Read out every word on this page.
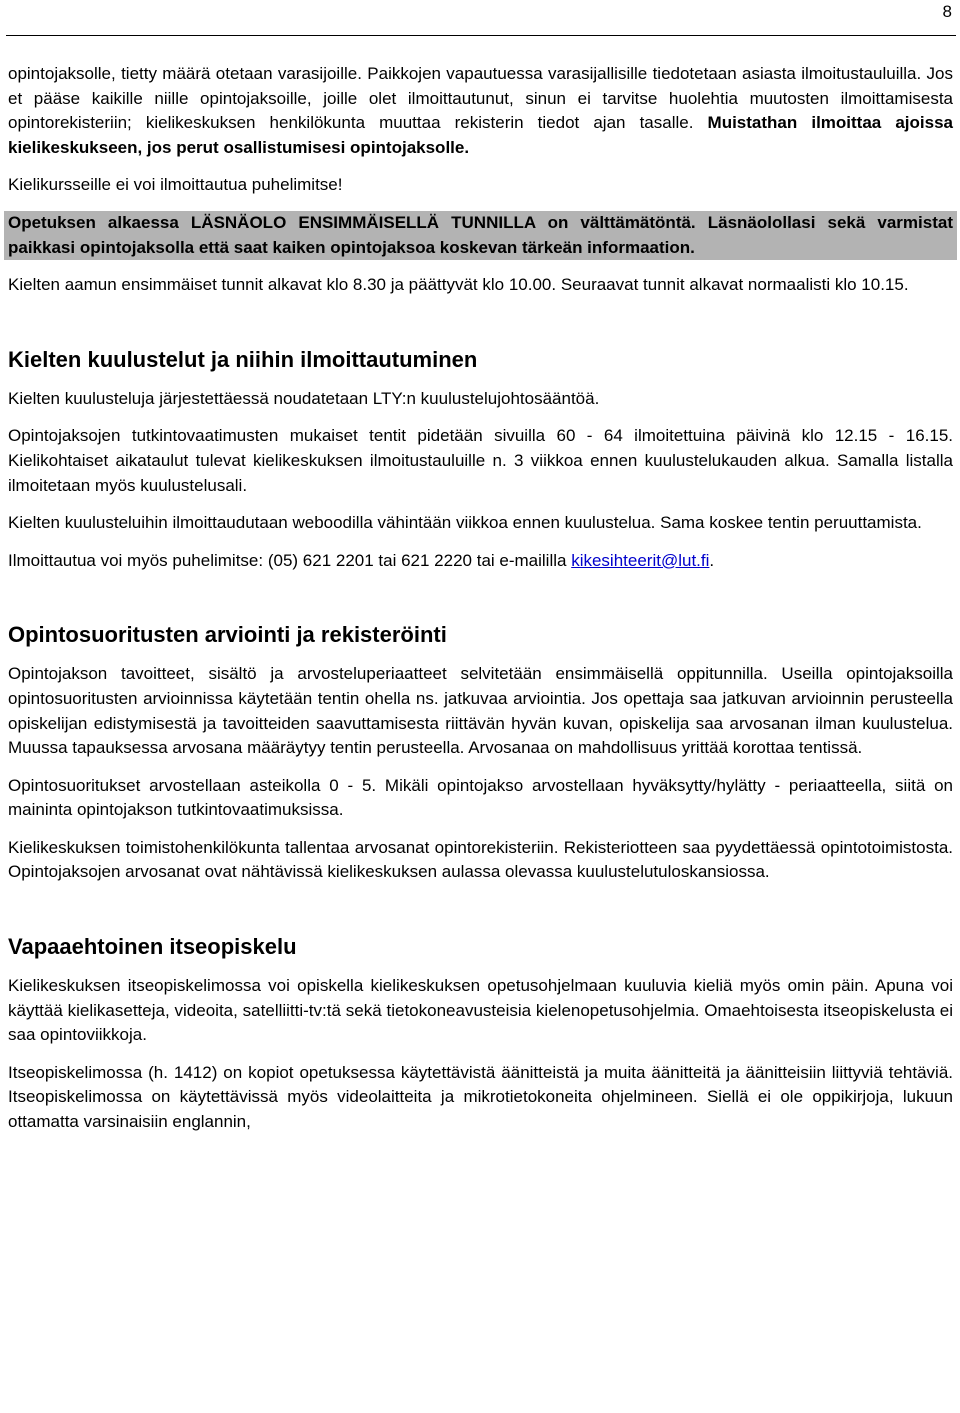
8

opintojaksolle, tietty määrä otetaan varasijoille. Paikkojen vapautuessa varasijallisille tiedotetaan asiasta ilmoitustauluilla. Jos et pääse kaikille niille opintojaksoille, joille olet ilmoittautunut, sinun ei tarvitse huolehtia muutosten ilmoittamisesta opintorekisteriin; kielikeskuksen henkilökunta muuttaa rekisterin tiedot ajan tasalle. Muistathan ilmoittaa ajoissa kielikeskukseen, jos perut osallistumisesi opintojaksolle.

Kielikursseille ei voi ilmoittautua puhelimitse!

Opetuksen alkaessa LÄSNÄOLO ENSIMMÄISELLÄ TUNNILLA on välttämätöntä. Läsnäolollasi sekä varmistat paikkasi opintojaksolla että saat kaiken opintojaksoa koskevan tärkeän informaation.

Kielten aamun ensimmäiset tunnit alkavat klo 8.30 ja päättyvät klo 10.00. Seuraavat tunnit alkavat normaalisti klo 10.15.

Kielten kuulustelut ja niihin ilmoittautuminen

Kielten kuulusteluja järjestettäessä noudatetaan LTY:n kuulustelujohtosääntöä.

Opintojaksojen tutkintovaatimusten mukaiset tentit pidetään sivuilla 60 - 64 ilmoitettuina päivinä klo 12.15 - 16.15. Kielikohtaiset aikataulut tulevat kielikeskuksen ilmoitustauluille n. 3 viikkoa ennen kuulustelukauden alkua. Samalla listalla ilmoitetaan myös kuulustelusali.

Kielten kuulusteluihin ilmoittaudutaan weboodilla vähintään viikkoa ennen kuulustelua. Sama koskee tentin peruuttamista.

Ilmoittautua voi myös puhelimitse: (05) 621 2201 tai 621 2220 tai e-maililla kikesihteerit@lut.fi.

Opintosuoritusten arviointi ja rekisteröinti

Opintojakson tavoitteet, sisältö ja arvosteluperiaatteet selvitetään ensimmäisellä oppitunnilla. Useilla opintojaksoilla opintosuoritusten arvioinnissa käytetään tentin ohella ns. jatkuvaa arviointia. Jos opettaja saa jatkuvan arvioinnin perusteella opiskelijan edistymisestä ja tavoitteiden saavuttamisesta riittävän hyvän kuvan, opiskelija saa arvosanan ilman kuulustelua. Muussa tapauksessa arvosana määräytyy tentin perusteella. Arvosanaa on mahdollisuus yrittää korottaa tentissä.

Opintosuoritukset arvostellaan asteikolla 0 - 5. Mikäli opintojakso arvostellaan hyväksytty/hylätty - periaatteella, siitä on maininta opintojakson tutkintovaatimuksissa.

Kielikeskuksen toimistohenkilökunta tallentaa arvosanat opintorekisteriin. Rekisteriotteen saa pyydettäessä opintotoimistosta. Opintojaksojen arvosanat ovat nähtävissä kielikeskuksen aulassa olevassa kuulustelutuloskansiossa.

Vapaaehtoinen itseopiskelu

Kielikeskuksen itseopiskelimossa voi opiskella kielikeskuksen opetusohjelmaan kuuluvia kieliä myös omin päin. Apuna voi käyttää kielikasetteja, videoita, satelliitti-tv:tä sekä tietokoneavusteisia kielenopetusohjelmia. Omaehtoisesta itseopiskelusta ei saa opintoviikkoja.

Itseopiskelimossa (h. 1412) on kopiot opetuksessa käytettävistä äänitteistä ja muita äänitteitä ja äänitteisiin liittyviä tehtäviä. Itseopiskelimossa on käytettävissä myös videolaitteita ja mikrotietokoneita ohjelmineen. Siellä ei ole oppikirjoja, lukuun ottamatta varsinaisiin englannin,
